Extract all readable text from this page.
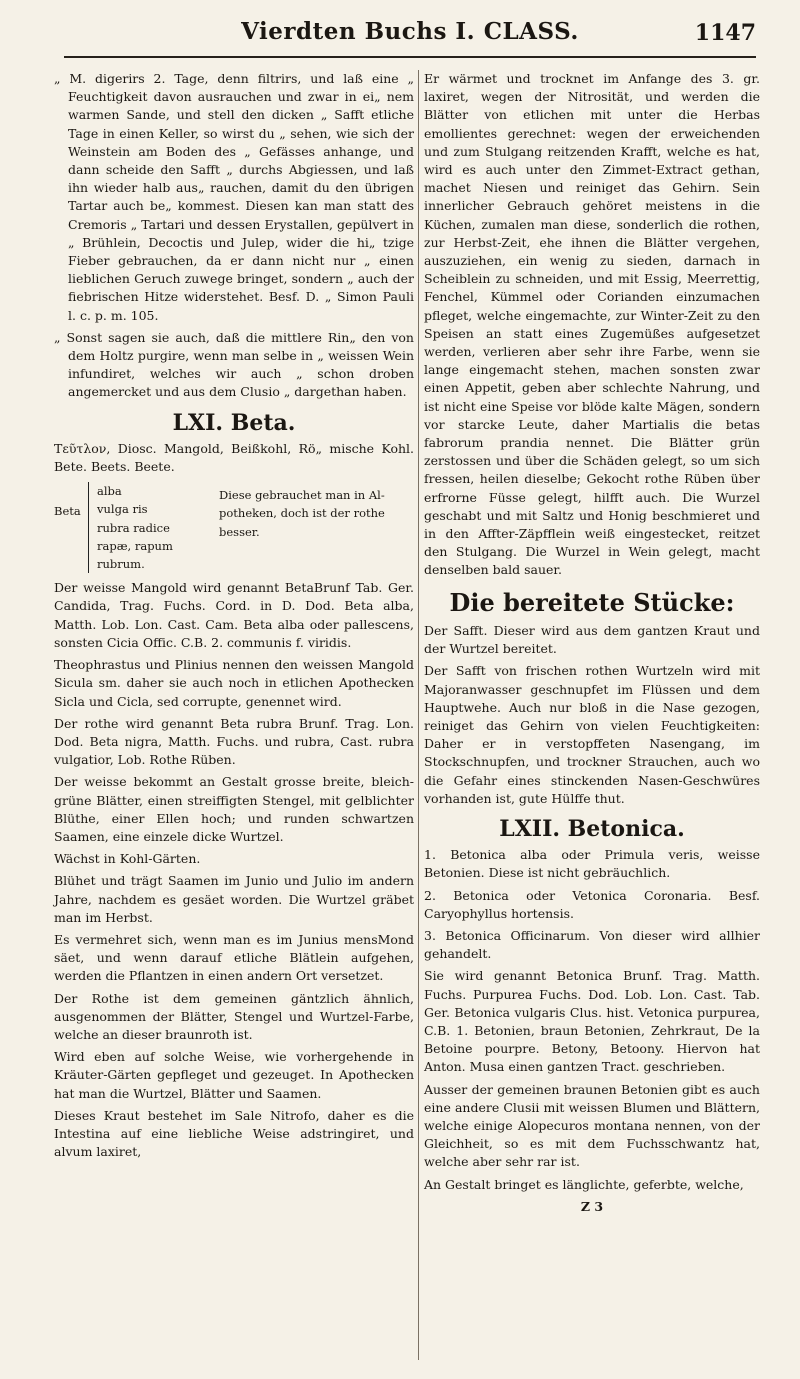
Vierdten Buchs I. CLASS.	1147

„ M. digerirs 2. Tage, denn filtrirs, und laß eine „ Feuchtigkeit davon ausrauchen und zwar in ei„ nem warmen Sande, und stell den dicken „ Safft etliche Tage in einen Keller, so wirst du „ sehen, wie sich der Weinstein am Boden des „ Gefässes anhange, und dann scheide den Safft „ durchs Abgiessen, und laß ihn wieder halb aus„ rauchen, damit du den übrigen Tartar auch be„ kommest. Diesen kan man statt des Cremoris „ Tartari und dessen Erystallen, gepülvert in „ Brühlein, Decoctis und Julep, wider die hi„ tzige Fieber gebrauchen, da er dann nicht nur „ einen lieblichen Geruch zuwege bringet, sondern „ auch der fiebrischen Hitze widerstehet. Besf. D. „ Simon Pauli l. c. p. m. 105.

„ Sonst sagen sie auch, daß die mittlere Rin„ den von dem Holtz purgire, wenn man selbe in „ weissen Wein infundiret, welches wir auch „ schon droben angemercket und aus dem Clusio „ dargethan haben.

LXI. Beta.

Τεῦτλον, Diosc. Mangold, Beißkohl, Rö„ mische Kohl. Bete. Beets. Beete.

Beta
alba
vulga ris
rubra radice
rapæ, rapum rubrum.
Diese gebrauchet man in Al-
potheken, doch ist der rothe
besser.

Der weisse Mangold wird genannt BetaBrunf Tab. Ger. Candida, Trag. Fuchs. Cord. in D. Dod. Beta alba, Matth. Lob. Lon. Cast. Cam. Beta alba oder pallescens, sonsten Cicia Offic. C.B. 2. communis f. viridis.

Theophrastus und Plinius nennen den weissen Mangold Sicula sm. daher sie auch noch in etlichen Apothecken Sicla und Cicla, sed corrupte, genennet wird.

Der rothe wird genannt Beta rubra Brunf. Trag. Lon. Dod. Beta nigra, Matth. Fuchs. und rubra, Cast. rubra vulgatior, Lob. Rothe Rüben.

Der weisse bekommt an Gestalt grosse breite, bleich-grüne Blätter, einen streiffigten Stengel, mit gelblichter Blüthe, einer Ellen hoch; und runden schwartzen Saamen, eine einzele dicke Wurtzel.

Wächst in Kohl-Gärten.

Blühet und trägt Saamen im Junio und Julio im andern Jahre, nachdem es gesäet worden. Die Wurtzel gräbet man im Herbst.

Es vermehret sich, wenn man es im Junius mensMond säet, und wenn darauf etliche Blätlein aufgehen, werden die Pflantzen in einen andern Ort versetzet.

Der Rothe ist dem gemeinen gäntzlich ähnlich, ausgenommen der Blätter, Stengel und Wurtzel-Farbe, welche an dieser braunroth ist.

Wird eben auf solche Weise, wie vorhergehende in Kräuter-Gärten gepfleget und gezeuget. In Apothecken hat man die Wurtzel, Blätter und Saamen.

Dieses Kraut bestehet im Sale Nitrofo, daher es die Intestina auf eine liebliche Weise adstringiret, und alvum laxiret,

Er wärmet und trocknet im Anfange des 3. gr. laxiret, wegen der Nitrosität, und werden die Blätter von etlichen mit unter die Herbas emollientes gerechnet: wegen der erweichenden und zum Stulgang reitzenden Krafft, welche es hat, wird es auch unter den Zimmet-Extract gethan, machet Niesen und reiniget das Gehirn. Sein innerlicher Gebrauch gehöret meistens in die Küchen, zumalen man diese, sonderlich die rothen, zur Herbst-Zeit, ehe ihnen die Blätter vergehen, auszuziehen, ein wenig zu sieden, darnach in Scheiblein zu schneiden, und mit Essig, Meerrettig, Fenchel, Kümmel oder Corianden einzumachen pfleget, welche eingemachte, zur Winter-Zeit zu den Speisen an statt eines Zugemüßes aufgesetzet werden, verlieren aber sehr ihre Farbe, wenn sie lange eingemacht stehen, machen sonsten zwar einen Appetit, geben aber schlechte Nahrung, und ist nicht eine Speise vor blöde kalte Mägen, sondern vor starcke Leute, daher Martialis die betas fabrorum prandia nennet. Die Blätter grün zerstossen und über die Schäden gelegt, so um sich fressen, heilen dieselbe; Gekocht rothe Rüben über erfrorne Füsse gelegt, hilfft auch. Die Wurzel geschabt und mit Saltz und Honig beschmieret und in den Affter-Zäpfflein weiß eingestecket, reitzet den Stulgang. Die Wurzel in Wein gelegt, macht denselben bald sauer.

Die bereitete Stücke:

Der Safft. Dieser wird aus dem gantzen Kraut und der Wurtzel bereitet.

Der Safft von frischen rothen Wurtzeln wird mit Majoranwasser geschnupfet im Flüssen und dem Hauptwehe. Auch nur bloß in die Nase gezogen, reiniget das Gehirn von vielen Feuchtigkeiten: Daher er in verstopffeten Nasengang, im Stockschnupfen, und trockner Strauchen, auch wo die Gefahr eines stinckenden Nasen-Geschwüres vorhanden ist, gute Hülffe thut.

LXII. Betonica.

1. Betonica alba oder Primula veris, weisse Betonien. Diese ist nicht gebräuchlich.

2. Betonica oder Vetonica Coronaria. Besf. Caryophyllus hortensis.

3. Betonica Officinarum. Von dieser wird allhier gehandelt.

Sie wird genannt Betonica Brunf. Trag. Matth. Fuchs. Purpurea Fuchs. Dod. Lob. Lon. Cast. Tab. Ger. Betonica vulgaris Clus. hist. Vetonica purpurea, C.B. 1. Betonien, braun Betonien, Zehrkraut, De la Betoine pourpre. Betony, Betoony. Hiervon hat Anton. Musa einen gantzen Tract. geschrieben.

Ausser der gemeinen braunen Betonien gibt es auch eine andere Clusii mit weissen Blumen und Blättern, welche einige Alopecuros montana nennen, von der Gleichheit, so es mit dem Fuchsschwantz hat, welche aber sehr rar ist.

An Gestalt bringet es länglichte, geferbte, welche,

Z 3
